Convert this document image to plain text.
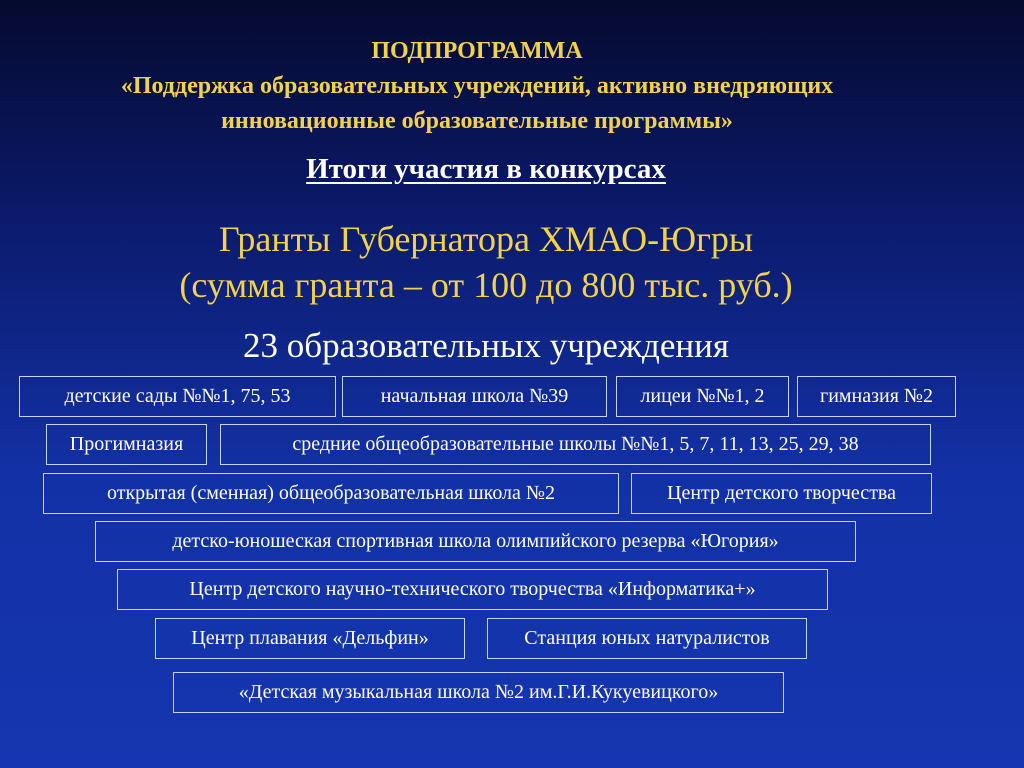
ПОДПРОГРАММА
«Поддержка образовательных учреждений, активно внедряющих
инновационные образовательные программы»
Итоги участия в конкурсах
Гранты Губернатора ХМАО-Югры
(сумма гранта – от 100 до 800 тыс. руб.)
23 образовательных учреждения
детские сады №№1, 75, 53	начальная школа №39	лицеи №№1, 2	гимназия №2
Прогимназия	средние общеобразовательные школы №№1, 5, 7, 11, 13, 25, 29, 38
открытая (сменная) общеобразовательная школа №2	Центр детского творчества
детско-юношеская спортивная школа олимпийского резерва «Югория»
Центр детского научно-технического творчества «Информатика+»
Центр плавания «Дельфин»	Станция юных натуралистов
«Детская музыкальная школа №2 им.Г.И.Кукуевицкого»
